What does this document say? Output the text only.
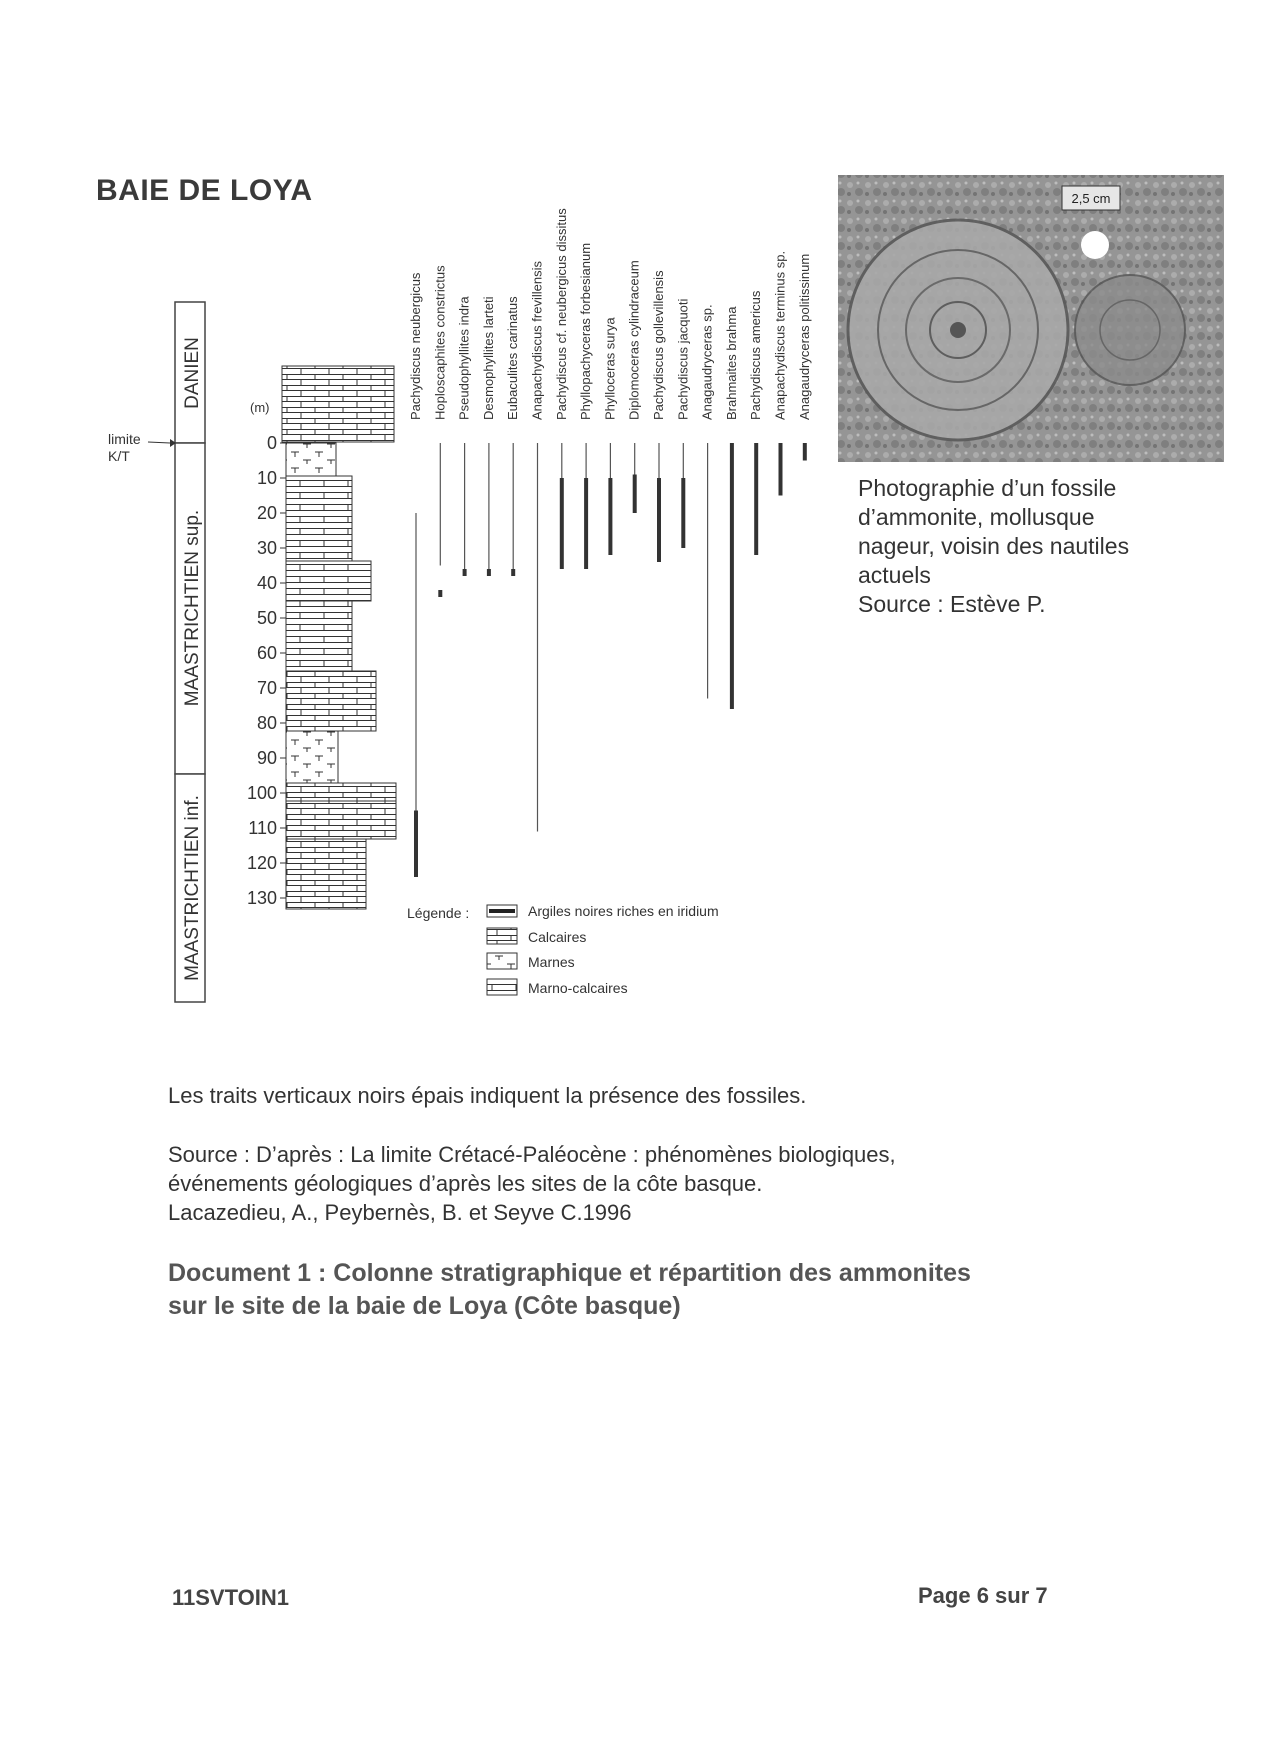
BAIE DE LOYA
DANIEN
MAASTRICHTIEN sup.
MAASTRICHTIEN inf.
limite
K/T
(m)
0
10
20
30
40
50
60
70
80
90
100
110
120
130
Pachydiscus neubergicus Hoploscaphites constrictus Pseudophyllites indra Desmophyllites larteti Eubaculites carinatus Anapachydiscus frevillensis Pachydiscus cf. neubergicus dissitus Phyllopachyceras forbesianum Phylloceras surya Diplomoceras cylindraceum Pachydiscus gollevillensis Pachydiscus jacquoti Anagaudryceras sp. Brahmaites brahma Pachydiscus americus Anapachydiscus terminus sp. Anagaudryceras politissinum
Légende :	Argiles noires riches en iridium
Calcaires
Marnes
Marno-calcaires
2,5 cm
Photographie d’un fossile
d’ammonite, mollusque
nageur, voisin des nautiles
actuels
Source : Estève P.
Les traits verticaux noirs épais indiquent la présence des fossiles.
Source : D’après : La limite Crétacé-Paléocène : phénomènes biologiques,
événements géologiques d’après les sites de la côte basque.
Lacazedieu, A., Peybernès, B. et Seyve C.1996
Document 1 : Colonne stratigraphique et répartition des ammonites
sur le site de la baie de Loya (Côte basque)
11SVTOIN1	Page 6 sur 7
